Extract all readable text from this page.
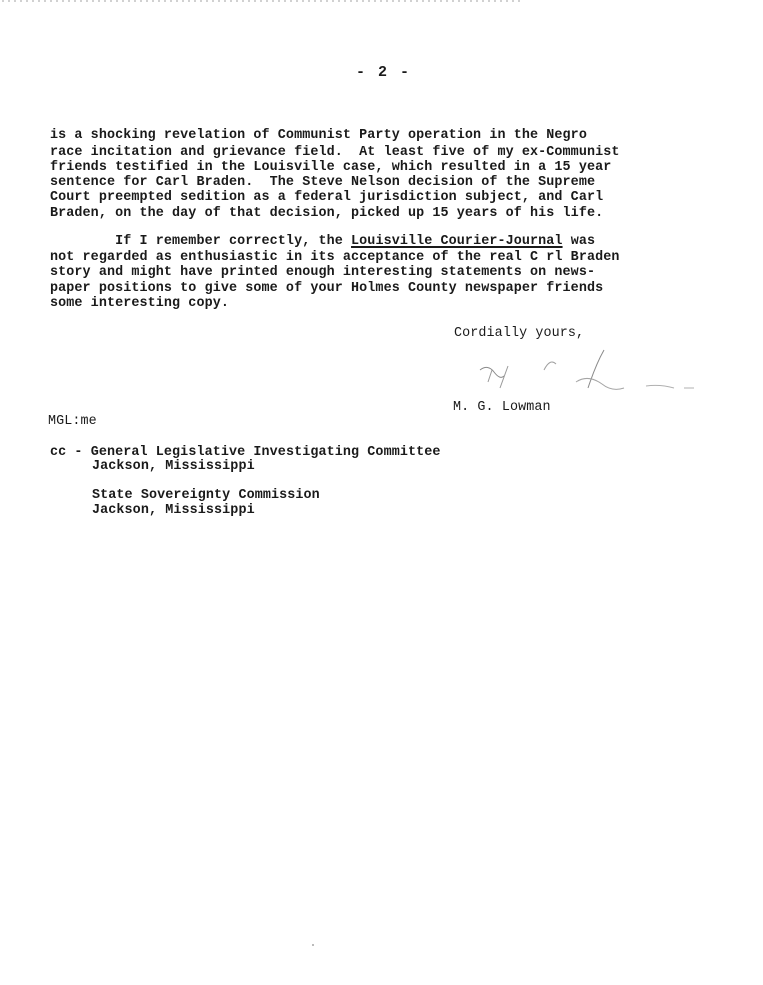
- 2 -
is a shocking revelation of Communist Party operation in the Negro
race incitation and grievance field.  At least five of my ex-Communist
friends testified in the Louisville case, which resulted in a 15 year
sentence for Carl Braden.  The Steve Nelson decision of the Supreme
Court preempted sedition as a federal jurisdiction subject, and Carl
Braden, on the day of that decision, picked up 15 years of his life.
If I remember correctly, the Louisville Courier-Journal was
not regarded as enthusiastic in its acceptance of the real C rl Braden
story and might have printed enough interesting statements on news-
paper positions to give some of your Holmes County newspaper friends
some interesting copy.
Cordially yours,
M. G. Lowman
MGL:me
cc - General Legislative Investigating Committee
Jackson, Mississippi
State Sovereignty Commission
Jackson, Mississippi
